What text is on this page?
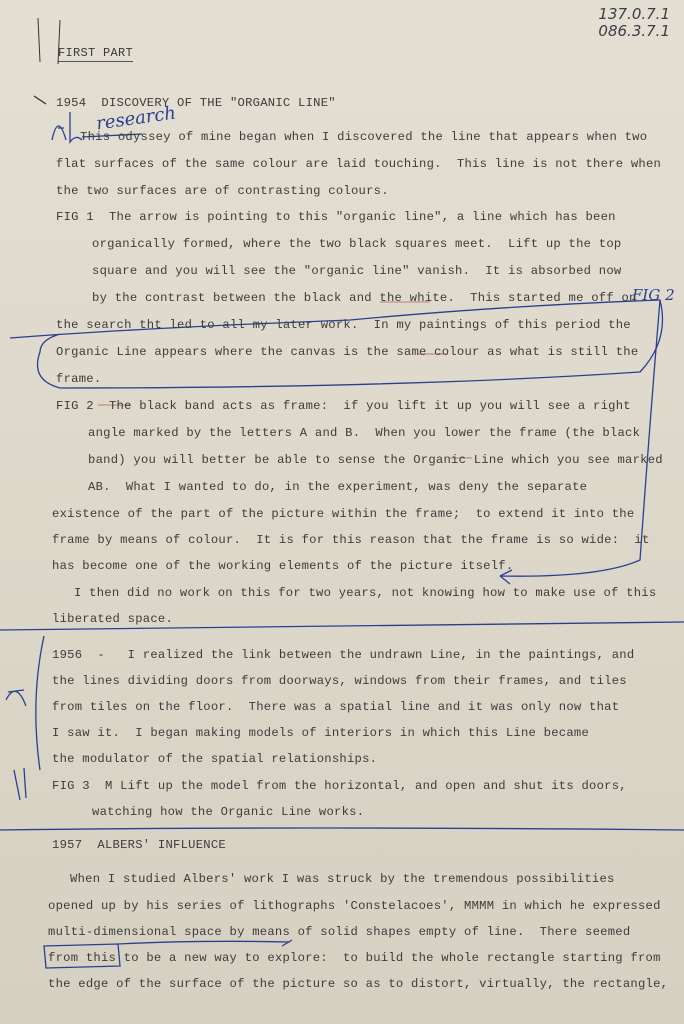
137.0.7.1
086.3.7.1
FIRST PART
research
FIG 2
1954  DISCOVERY OF THE "ORGANIC LINE"
This odyssey of mine began when I discovered the line that appears when two
flat surfaces of the same colour are laid touching.  This line is not there when
the two surfaces are of contrasting colours.
FIG 1  The arrow is pointing to this "organic line", a line which has been
organically formed, where the two black squares meet.  Lift up the top
square and you will see the "organic line" vanish.  It is absorbed now
by the contrast between the black and the white.  This started me off on
the search tht led to all my later work.  In my paintings of this period the
Organic Line appears where the canvas is the same colour as what is still the
frame.
FIG 2  The black band acts as frame:  if you lift it up you will see a right
angle marked by the letters A and B.  When you lower the frame (the black
band) you will better be able to sense the Organic Line which you see marked
AB.  What I wanted to do, in the experiment, was deny the separate
existence of the part of the picture within the frame;  to extend it into the
frame by means of colour.  It is for this reason that the frame is so wide:  it
has become one of the working elements of the picture itself.
I then did no work on this for two years, not knowing how to make use of this
liberated space.
1956  -   I realized the link between the undrawn Line, in the paintings, and
the lines dividing doors from doorways, windows from their frames, and tiles
from tiles on the floor.  There was a spatial line and it was only now that
I saw it.  I began making models of interiors in which this Line became
the modulator of the spatial relationships.
FIG 3  M Lift up the model from the horizontal, and open and shut its doors,
watching how the Organic Line works.
1957  ALBERS' INFLUENCE
When I studied Albers' work I was struck by the tremendous possibilities
opened up by his series of lithographs 'Constelacoes', MMMM in which he expressed
multi-dimensional space by means of solid shapes empty of line.  There seemed
from this to be a new way to explore:  to build the whole rectangle starting from
the edge of the surface of the picture so as to distort, virtually, the rectangle,
